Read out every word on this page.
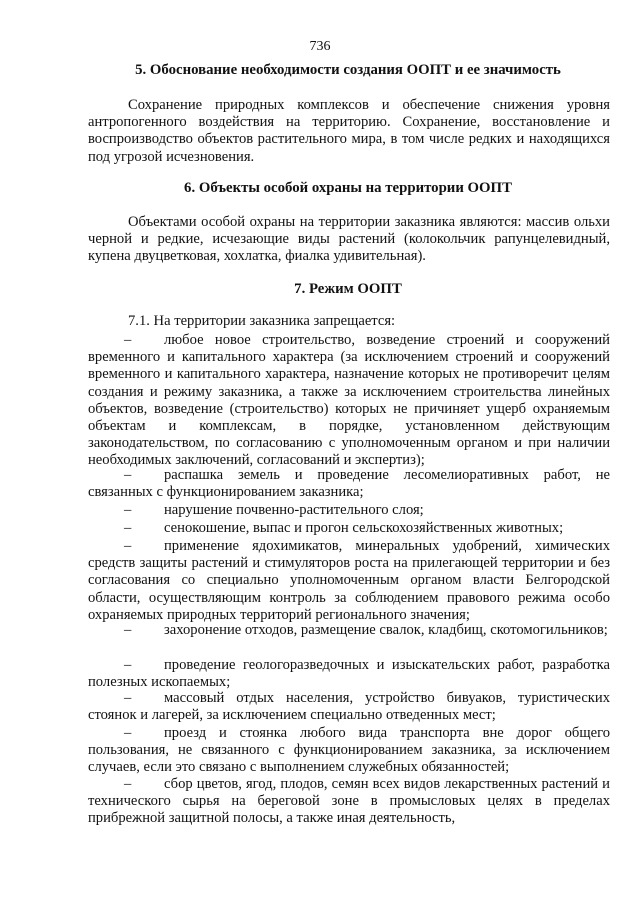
736
5. Обоснование необходимости создания ООПТ и ее значимость

Сохранение природных комплексов и обеспечение снижения уровня антропогенного воздействия на территорию. Сохранение, восстановление и воспроизводство объектов растительного мира, в том числе редких и находящихся под угрозой исчезновения.

6. Объекты особой охраны на территории ООПТ

Объектами особой охраны на территории заказника являются: массив ольхи черной и редкие, исчезающие виды растений (колокольчик рапунцелевидный, купена двуцветковая, хохлатка, фиалка удивительная).

7. Режим ООПТ

7.1. На территории заказника запрещается:

– любое новое строительство, возведение строений и сооружений временного и капитального характера (за исключением строений и сооружений временного и капитального характера, назначение которых не противоречит целям создания и режиму заказника, а также за исключением строительства линейных объектов, возведение (строительство) которых не причиняет ущерб охраняемым объектам и комплексам, в порядке, установленном действующим законодательством, по согласованию с уполномоченным органом и при наличии необходимых заключений, согласований и экспертиз);
– распашка земель и проведение лесомелиоративных работ, не связанных с функционированием заказника;
– нарушение почвенно-растительного слоя;
– сенокошение, выпас и прогон сельскохозяйственных животных;
– применение ядохимикатов, минеральных удобрений, химических средств защиты растений и стимуляторов роста на прилегающей территории и без согласования со специально уполномоченным органом власти Белгородской области, осуществляющим контроль за соблюдением правового режима особо охраняемых природных территорий регионального значения;
– захоронение отходов, размещение свалок, кладбищ, скотомогильников;
– проведение геологоразведочных и изыскательских работ, разработка полезных ископаемых;
– массовый отдых населения, устройство бивуаков, туристических стоянок и лагерей, за исключением специально отведенных мест;
– проезд и стоянка любого вида транспорта вне дорог общего пользования, не связанного с функционированием заказника, за исключением случаев, если это связано с выполнением служебных обязанностей;
– сбор цветов, ягод, плодов, семян всех видов лекарственных растений и технического сырья на береговой зоне в промысловых целях в пределах прибрежной защитной полосы, а также иная деятельность,
